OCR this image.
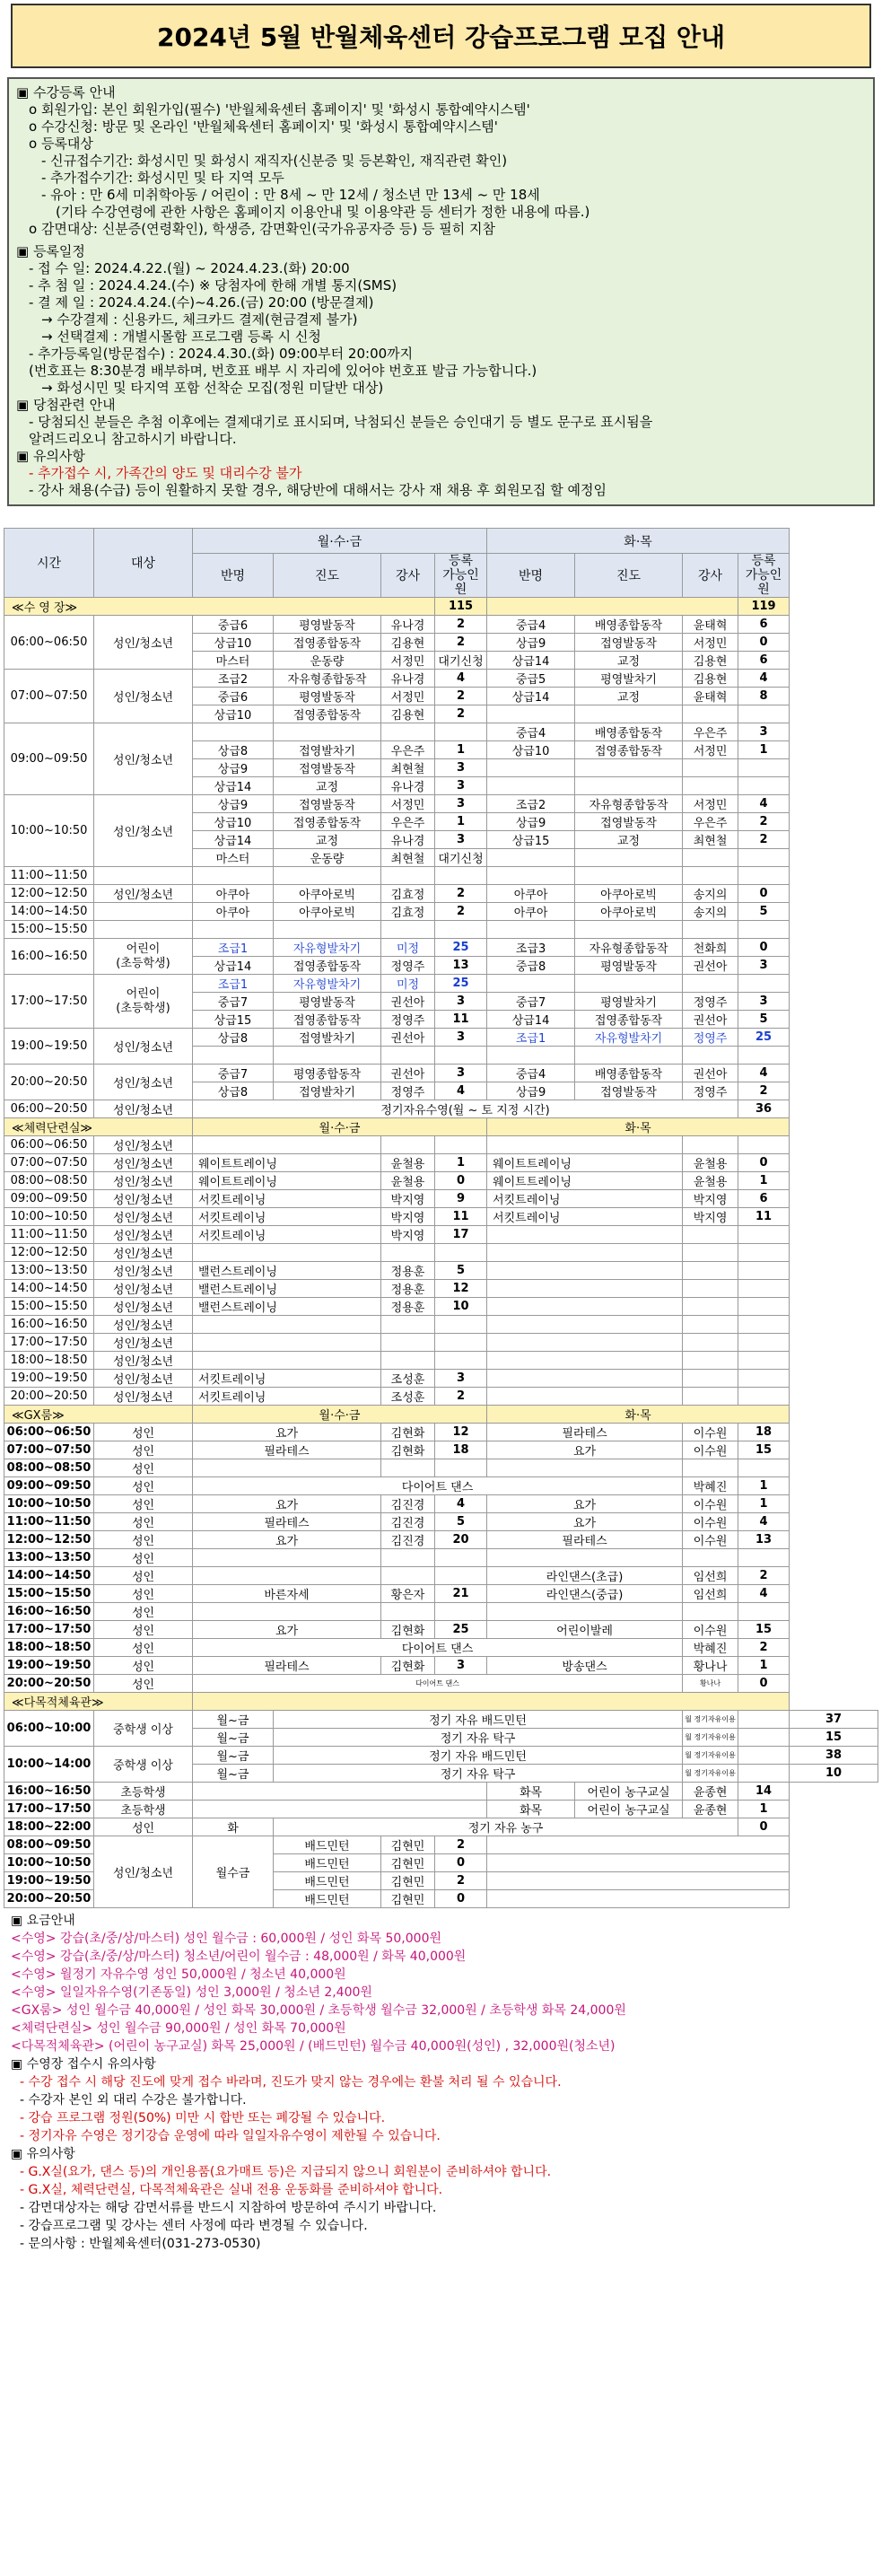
2024년 5월 반월체육센터 강습프로그램 모집 안내
▣ 수강등록 안내
o 회원가입: 본인 회원가입(필수) '반월체육센터 홈페이지' 및 '화성시 통합예약시스템'
o 수강신청: 방문 및 온라인 '반월체육센터 홈페이지' 및 '화성시 통합예약시스템'
o 등록대상
- 신규접수기간: 화성시민 및 화성시 재직자(신분증 및 등본확인, 재직관련 확인)
- 추가접수기간: 화성시민 및 타 지역 모두
- 유아 : 만 6세 미취학아동 / 어린이 : 만 8세 ~ 만 12세 / 청소년 만 13세 ~ 만 18세
(기타 수강연령에 관한 사항은 홈페이지 이용안내 및 이용약관 등 센터가 정한 내용에 따름.)
o 감면대상: 신분증(연령확인), 학생증, 감면확인(국가유공자증 등) 등 필히 지참
▣ 등록일정
- 접 수 일: 2024.4.22.(월) ~ 2024.4.23.(화) 20:00
- 추 첨 일 : 2024.4.24.(수) ※ 당첨자에 한해 개별 통지(SMS)
- 결 제 일 : 2024.4.24.(수)~4.26.(금) 20:00 (방문결제)
→ 수강결제 : 신용카드, 체크카드 결제(현금결제 불가)
→ 선택결제 : 개별시몰함 프로그램 등록 시 신청
- 추가등록일(방문접수) : 2024.4.30.(화) 09:00부터 20:00까지
(번호표는 8:30분경 배부하며, 번호표 배부 시 자리에 있어야 번호표 발급 가능합니다.)
→ 화성시민 및 타지역 포함 선착순 모집(정원 미달반 대상)
▣ 당첨관련 안내
- 당첨되신 분들은 추첨 이후에는 결제대기로 표시되며, 낙첨되신 분들은 승인대기 등 별도 문구로 표시됨을
알려드리오니 참고하시기 바랍니다.
▣ 유의사항
- 추가접수 시, 가족간의 양도 및 대리수강 불가
- 강사 채용(수급) 등이 원활하지 못할 경우, 해당반에 대해서는 강사 재 채용 후 회원모집 할 예정임
시간	대상	월·수·금				화·목				
		반명	진도	강사	등록
가능인원	반명	진도	강사	등록
가능인원	
≪수 영 장≫					115				119	
06:00~06:50	성인/청소년	중급6	평영발동작	유나경	2	중급4	배영종합동작	윤태혁	6	
		상급10	접영종합동작	김용현	2	상급9	접영발동작	서정민	0	
		마스터	운동량	서정민	대기신청	상급14	교정	김용현	6	
07:00~07:50	성인/청소년	조급2	자유형종합동작	유나경	4	중급5	평영발차기	김용현	4	
		중급6	평영발동작	서정민	2	상급14	교정	윤태혁	8	
		상급10	접영종합동작	김용현	2					
09:00~09:50	성인/청소년					중급4	배영종합동작	우은주	3	
		상급8	접영발차기	우은주	1	상급10	접영종합동작	서정민	1	
		상급9	접영발동작	최현철	3					
		상급14	교정	유나경	3					
10:00~10:50	성인/청소년	상급9	접영발동작	서정민	3	조급2	자유형종합동작	서정민	4	
		상급10	접영종합동작	우은주	1	상급9	접영발동작	우은주	2	
		상급14	교정	유나경	3	상급15	교정	최현철	2	
		마스터	운동량	최현철	대기신청					
11:00~11:50										
12:00~12:50	성인/청소년	아쿠아	아쿠아로빅	김효정	2	아쿠아	아쿠아로빅	송지의	0	
14:00~14:50		아쿠아	아쿠아로빅	김효정	2	아쿠아	아쿠아로빅	송지의	5	
15:00~15:50										
16:00~16:50	어린이
(초등학생)	조급1	자유형발차기	미정	25	조급3	자유형종합동작	천화희	0	
		상급14	접영종합동작	정영주	13	중급8	평영발동작	권선아	3	
17:00~17:50	어린이
(초등학생)	조급1	자유형발차기	미정	25					
		중급7	평영발동작	권선아	3	중급7	평영발차기	정영주	3	
		상급15	접영종합동작	정영주	11	상급14	접영종합동작	권선아	5	
19:00~19:50	성인/청소년	상급8	접영발차기	권선아	3	조급1	자유형발차기	정영주	25	

20:00~20:50	성인/청소년	중급7	평영종합동작	권선아	3	중급4	배영종합동작	권선아	4	
		상급8	접영발차기	정영주	4	상급9	접영발동작	정영주	2	
06:00~20:50	성인/청소년	정기자유수영(월 ~ 토 지정 시간)							36	
≪체력단련실≫		월·수·금				화·목				
06:00~06:50	성인/청소년									
07:00~07:50	성인/청소년	웨이트트레이닝		윤철용	1	웨이트트레이닝		윤철용	0	
08:00~08:50	성인/청소년	웨이트트레이닝		윤철용	0	웨이트트레이닝		윤철용	1	
09:00~09:50	성인/청소년	서킷트레이닝		박지영	9	서킷트레이닝		박지영	6	
10:00~10:50	성인/청소년	서킷트레이닝		박지영	11	서킷트레이닝		박지영	11	
11:00~11:50	성인/청소년	서킷트레이닝		박지영	17					
12:00~12:50	성인/청소년									
13:00~13:50	성인/청소년	밸런스트레이닝		정용훈	5					
14:00~14:50	성인/청소년	밸런스트레이닝		정용훈	12					
15:00~15:50	성인/청소년	밸런스트레이닝		정용훈	10					
16:00~16:50	성인/청소년									
17:00~17:50	성인/청소년									
18:00~18:50	성인/청소년									
19:00~19:50	성인/청소년	서킷트레이닝		조성훈	3					
20:00~20:50	성인/청소년	서킷트레이닝		조성훈	2					
≪GX룸≫		월·수·금				화·목				
06:00~06:50	성인	요가		김현화	12	필라테스		이수원	18	
07:00~07:50	성인	필라테스		김현화	18	요가		이수원	15	
08:00~08:50	성인									
09:00~09:50	성인	다이어트 댄스						박혜진	1	
10:00~10:50	성인	요가		김진경	4	요가		이수원	1	
11:00~11:50	성인	필라테스		김진경	5	요가		이수원	4	
12:00~12:50	성인	요가		김진경	20	필라테스		이수원	13	
13:00~13:50	성인									
14:00~14:50	성인					라인댄스(초급)		임선희	2	
15:00~15:50	성인	바른자세		황은자	21	라인댄스(중급)		임선희	4	
16:00~16:50	성인									
17:00~17:50	성인	요가		김현화	25	어린이발레		이수원	15	
18:00~18:50	성인	다이어트 댄스						박혜진	2	
19:00~19:50	성인	필라테스		김현화	3	방송댄스		황나나	1	
20:00~20:50	성인	다이어트 댄스						황나나	0	
≪다목적체육관≫										
06:00~10:00	중학생 이상	월~금	정기 자유 배드민턴					월 정기자유이용		37
		월~금	정기 자유 탁구					월 정기자유이용		15
10:00~14:00	중학생 이상	월~금	정기 자유 배드민턴					월 정기자유이용		38
		월~금	정기 자유 탁구					월 정기자유이용		10
16:00~16:50	초등학생					화목	어린이 농구교실	윤종현	14	
17:00~17:50	초등학생					화목	어린이 농구교실	윤종현	1	
18:00~22:00	성인	화	정기 자유 농구						0	
08:00~09:50	성인/청소년	월수금	배드민턴	김현민	2					
10:00~10:50			배드민턴	김현민	0					
19:00~19:50			배드민턴	김현민	2					
20:00~20:50			배드민턴	김현민	0					
▣ 요금안내
<수영> 강습(초/중/상/마스터) 성인 월수금 : 60,000원 / 성인 화목 50,000원
<수영> 강습(초/중/상/마스터) 청소년/어린이 월수금 : 48,000원 / 화목 40,000원
<수영> 월정기 자유수영 성인 50,000원 / 청소년 40,000원
<수영> 일일자유수영(기존동일) 성인 3,000원 / 청소년 2,400원
<GX룸> 성인 월수금 40,000원 / 성인 화목 30,000원 / 초등학생 월수금 32,000원 / 초등학생 화목 24,000원
<체력단련실> 성인 월수금 90,000원 / 성인 화목 70,000원
<다목적체육관> (어린이 농구교실) 화목 25,000원 / (배드민턴) 월수금 40,000원(성인) , 32,000원(청소년)
▣ 수영장 접수시 유의사항
- 수강 접수 시 해당 진도에 맞게 접수 바라며, 진도가 맞지 않는 경우에는 환불 처리 될 수 있습니다.
- 수강자 본인 외 대리 수강은 불가합니다.
- 강습 프로그램 정원(50%) 미만 시 합반 또는 폐강될 수 있습니다.
- 정기자유 수영은 정기강습 운영에 따라 일일자유수영이 제한될 수 있습니다.
▣ 유의사항
- G.X실(요가, 댄스 등)의 개인용품(요가매트 등)은 지급되지 않으니 회원분이 준비하셔야 합니다.
- G.X실, 체력단련실, 다목적체육관은 실내 전용 운동화를 준비하셔야 합니다.
- 감면대상자는 해당 감면서류를 반드시 지참하여 방문하여 주시기 바랍니다.
- 강습프로그램 및 강사는 센터 사정에 따라 변경될 수 있습니다.
- 문의사항 : 반월체육센터(031-273-0530)
